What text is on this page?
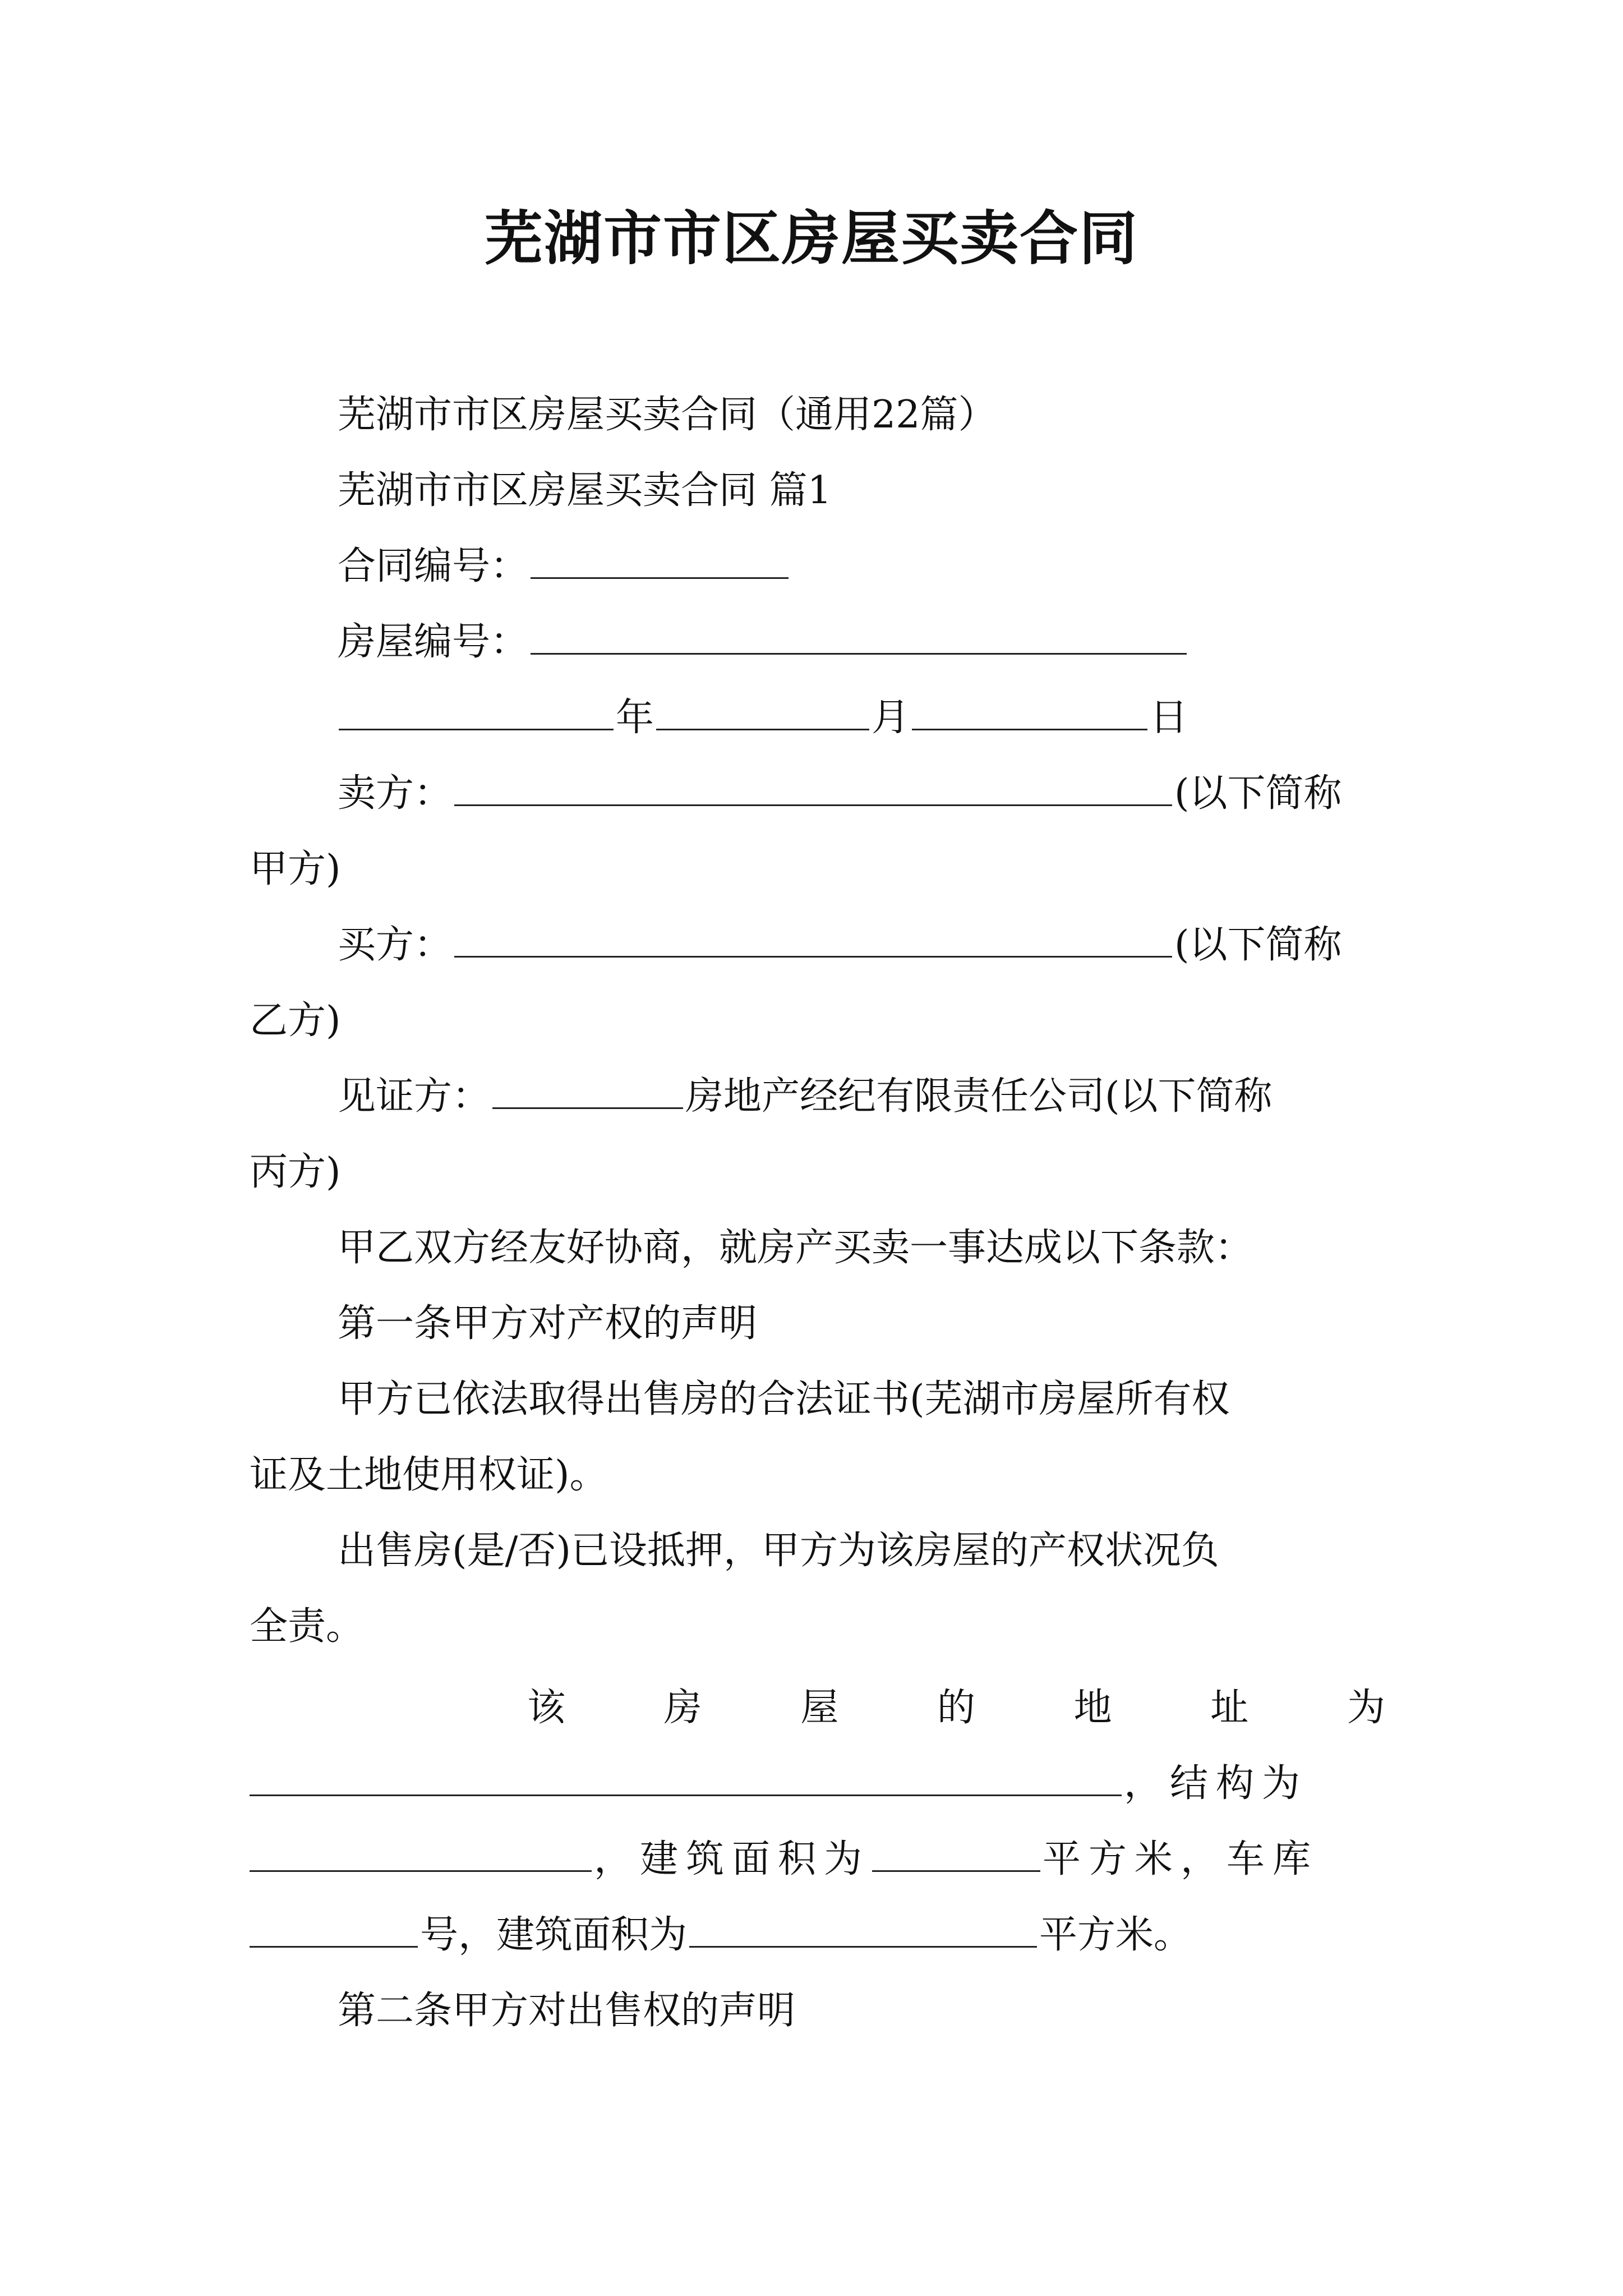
芜湖市市区房屋买卖合同
芜湖市市区房屋买卖合同（通用22篇）
芜湖市市区房屋买卖合同 篇1
合同编号：
房屋编号：
年	月	日
卖方：	(以下简称
甲方)
买方：	(以下简称
乙方)
见证方：	房地产经纪有限责任公司(以下简称
丙方)
甲乙双方经友好协商，就房产买卖一事达成以下条款：
第一条甲方对产权的声明
甲方已依法取得出售房的合法证书(芜湖市房屋所有权
证及土地使用权证)。
出售房(是/否)已设抵押，甲方为该房屋的产权状况负
全责。
该	房	屋	的	地	址	为
，结构为
，建筑面积为	平方米，车库
号，建筑面积为	平方米。
第二条甲方对出售权的声明
